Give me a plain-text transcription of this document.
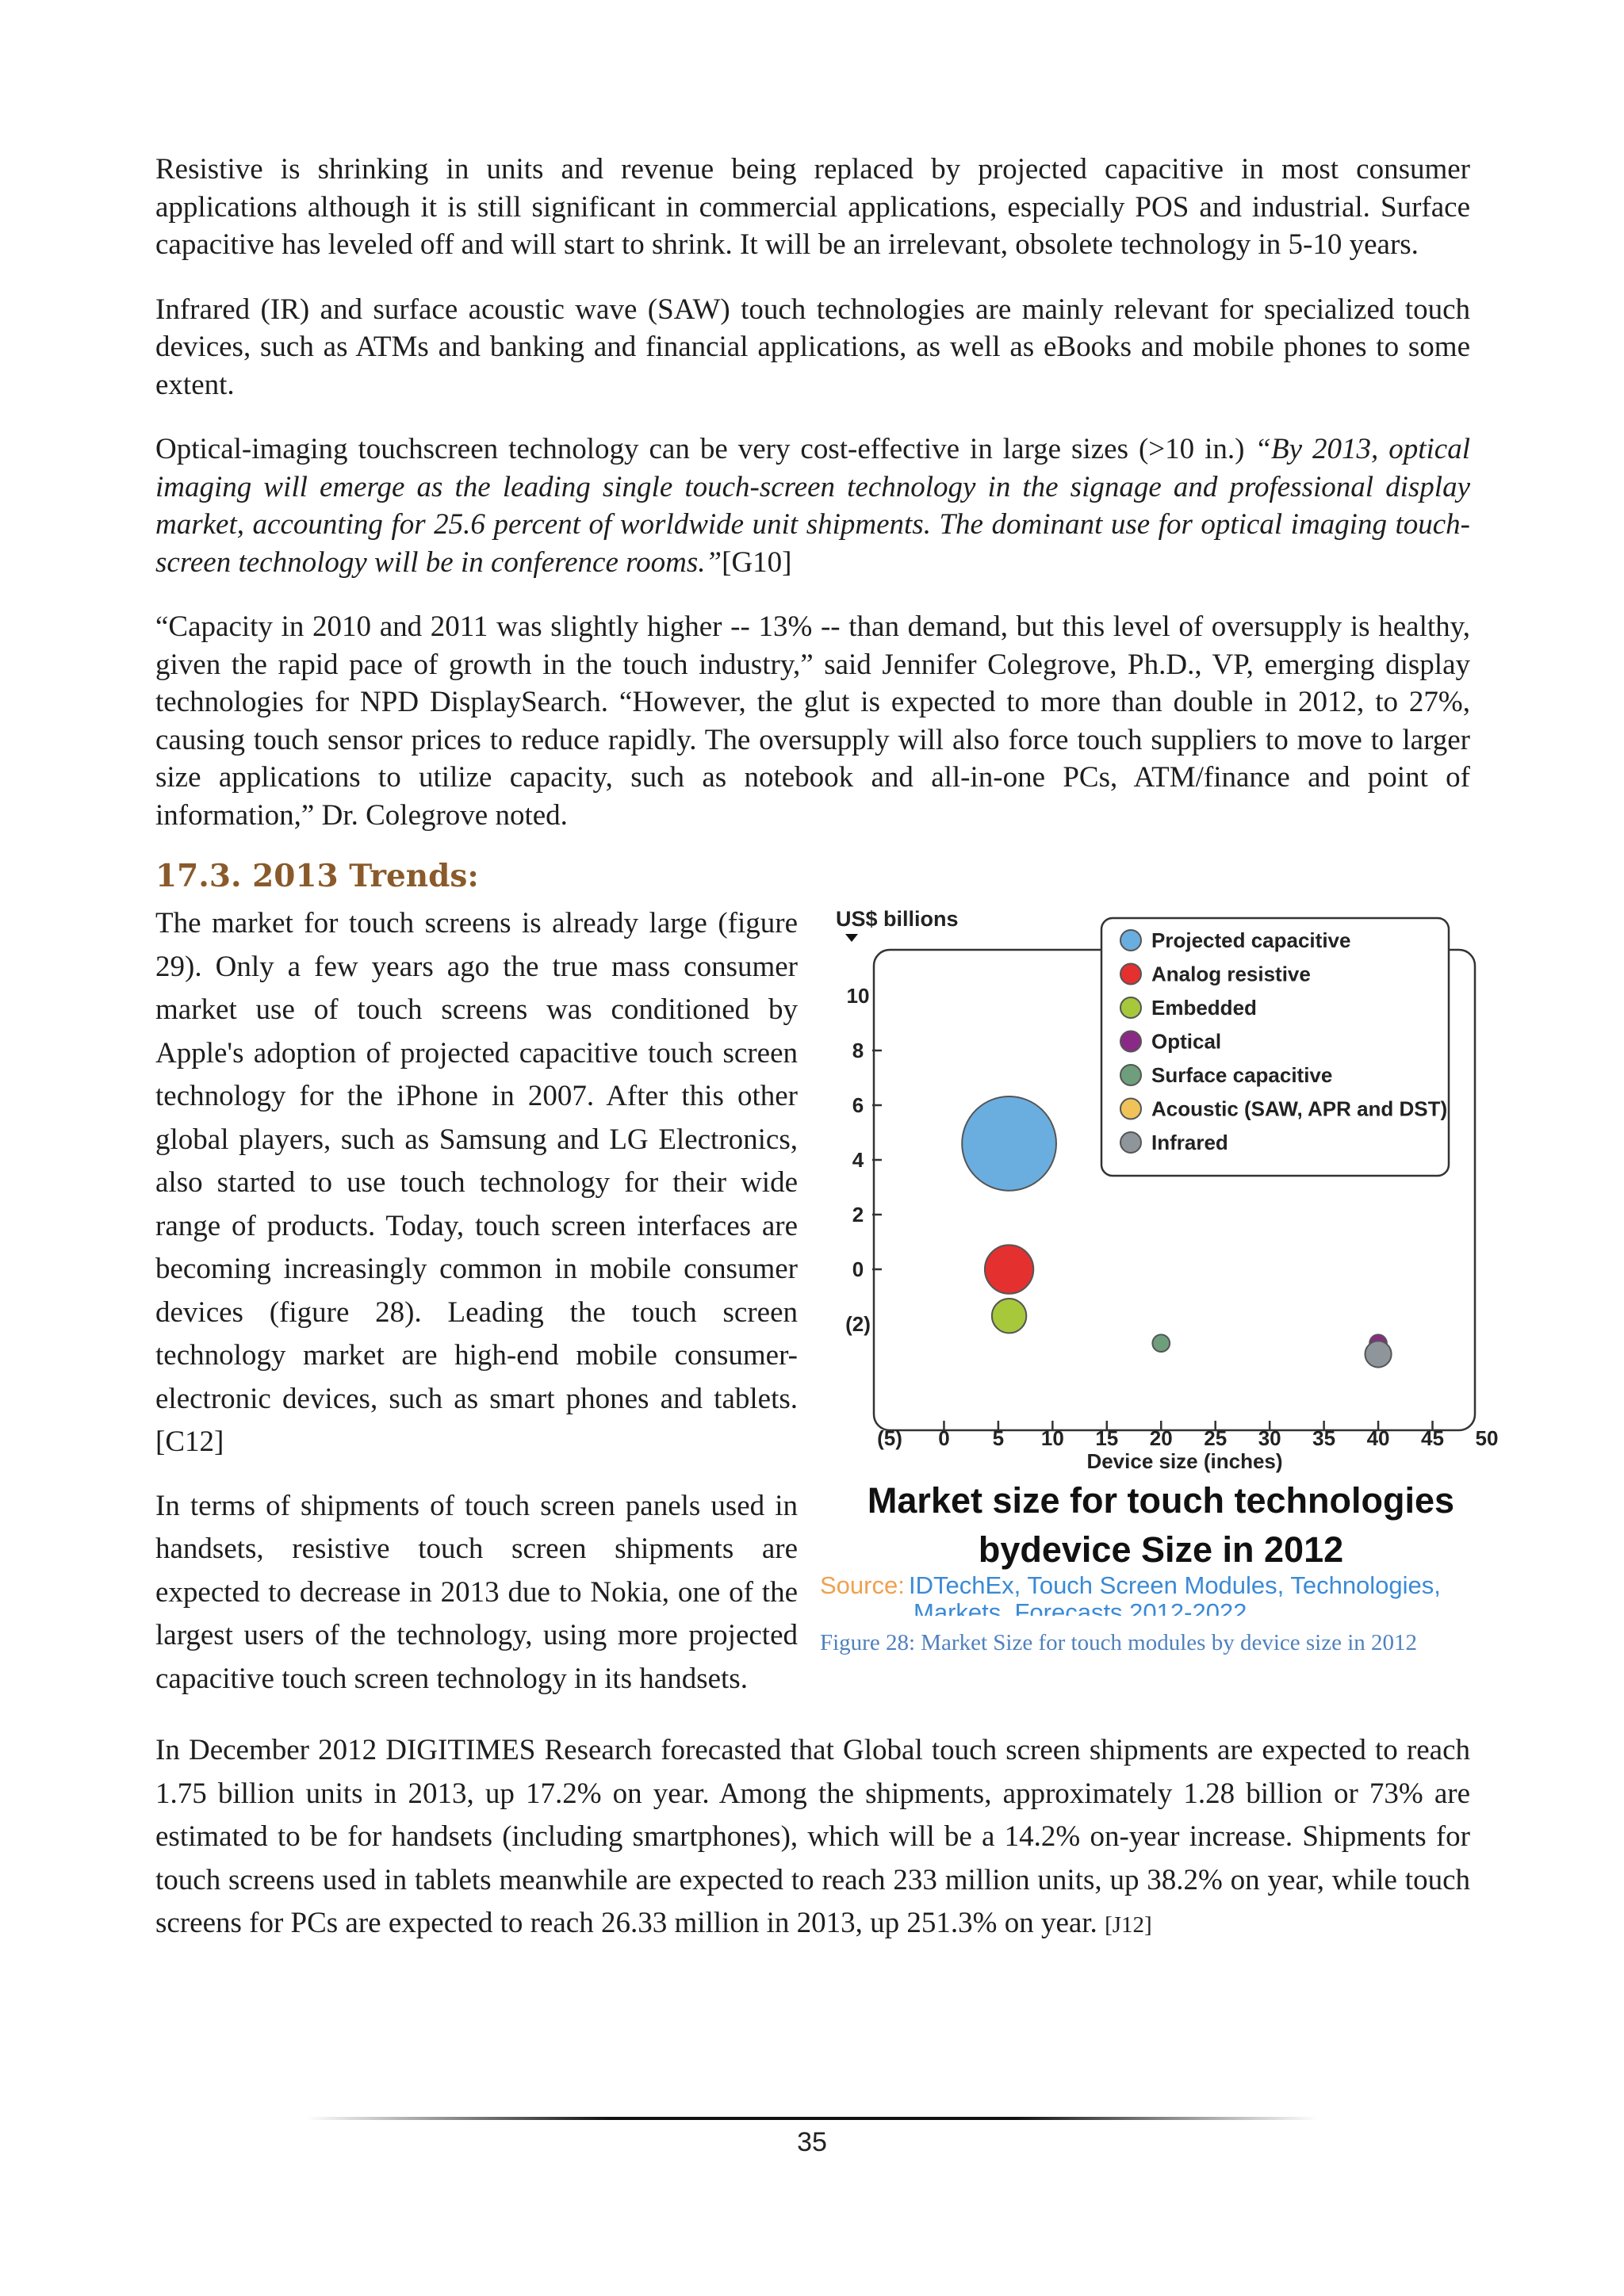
Resistive is shrinking in units and revenue being replaced by projected capacitive in most consumer applications although it is still significant in commercial applications, especially POS and industrial. Surface capacitive has leveled off and will start to shrink. It will be an irrelevant, obsolete technology in 5-10 years.

Infrared (IR) and surface acoustic wave (SAW) touch technologies are mainly relevant for specialized touch devices, such as ATMs and banking and financial applications, as well as eBooks and mobile phones to some extent.

Optical-imaging touchscreen technology can be very cost-effective in large sizes (>10 in.) “By 2013, optical imaging will emerge as the leading single touch-screen technology in the signage and professional display market, accounting for 25.6 percent of worldwide unit shipments. The dominant use for optical imaging touch-screen technology will be in conference rooms.”[G10]

“Capacity in 2010 and 2011 was slightly higher -- 13% -- than demand, but this level of oversupply is healthy, given the rapid pace of growth in the touch industry,” said Jennifer Colegrove, Ph.D., VP, emerging display technologies for NPD DisplaySearch. “However, the glut is expected to more than double in 2012, to 27%, causing touch sensor prices to reduce rapidly. The oversupply will also force touch suppliers to move to larger size applications to utilize capacity, such as notebook and all-in-one PCs, ATM/finance and point of information,” Dr. Colegrove noted.

17.3. 2013 Trends:
US$ billions
(2)
0
2
4
6
8
10
(5) 0 5 10 15 20 25 30 35 40 45 50
Device size (inches)
Projected capacitive
Analog resistive
Embedded
Optical
Surface capacitive
Acoustic (SAW, APR and DST)
Infrared
Market size for touch technologies
bydevice Size in 2012
Source: IDTechEx, Touch Screen Modules, Technologies,
Markets, Forecasts 2012-2022.
Figure 28: Market Size for touch modules by device size in 2012

The market for touch screens is already large (figure 29). Only a few years ago the true mass consumer market use of touch screens was conditioned by Apple's adoption of projected capacitive touch screen technology for the iPhone in 2007. After this other global players, such as Samsung and LG Electronics, also started to use touch technology for their wide range of products. Today, touch screen interfaces are becoming increasingly common in mobile consumer devices (figure 28). Leading the touch screen technology market are high-end mobile consumer-electronic devices, such as smart phones and tablets.[C12]

In terms of shipments of touch screen panels used in handsets, resistive touch screen shipments are expected to decrease in 2013 due to Nokia, one of the largest users of the technology, using more projected capacitive touch screen technology in its handsets.

In December 2012 DIGITIMES Research forecasted that Global touch screen shipments are expected to reach 1.75 billion units in 2013, up 17.2% on year. Among the shipments, approximately 1.28 billion or 73% are estimated to be for handsets (including smartphones), which will be a 14.2% on-year increase. Shipments for touch screens used in tablets meanwhile are expected to reach 233 million units, up 38.2% on year, while touch screens for PCs are expected to reach 26.33 million in 2013, up 251.3% on year. [J12]

35
